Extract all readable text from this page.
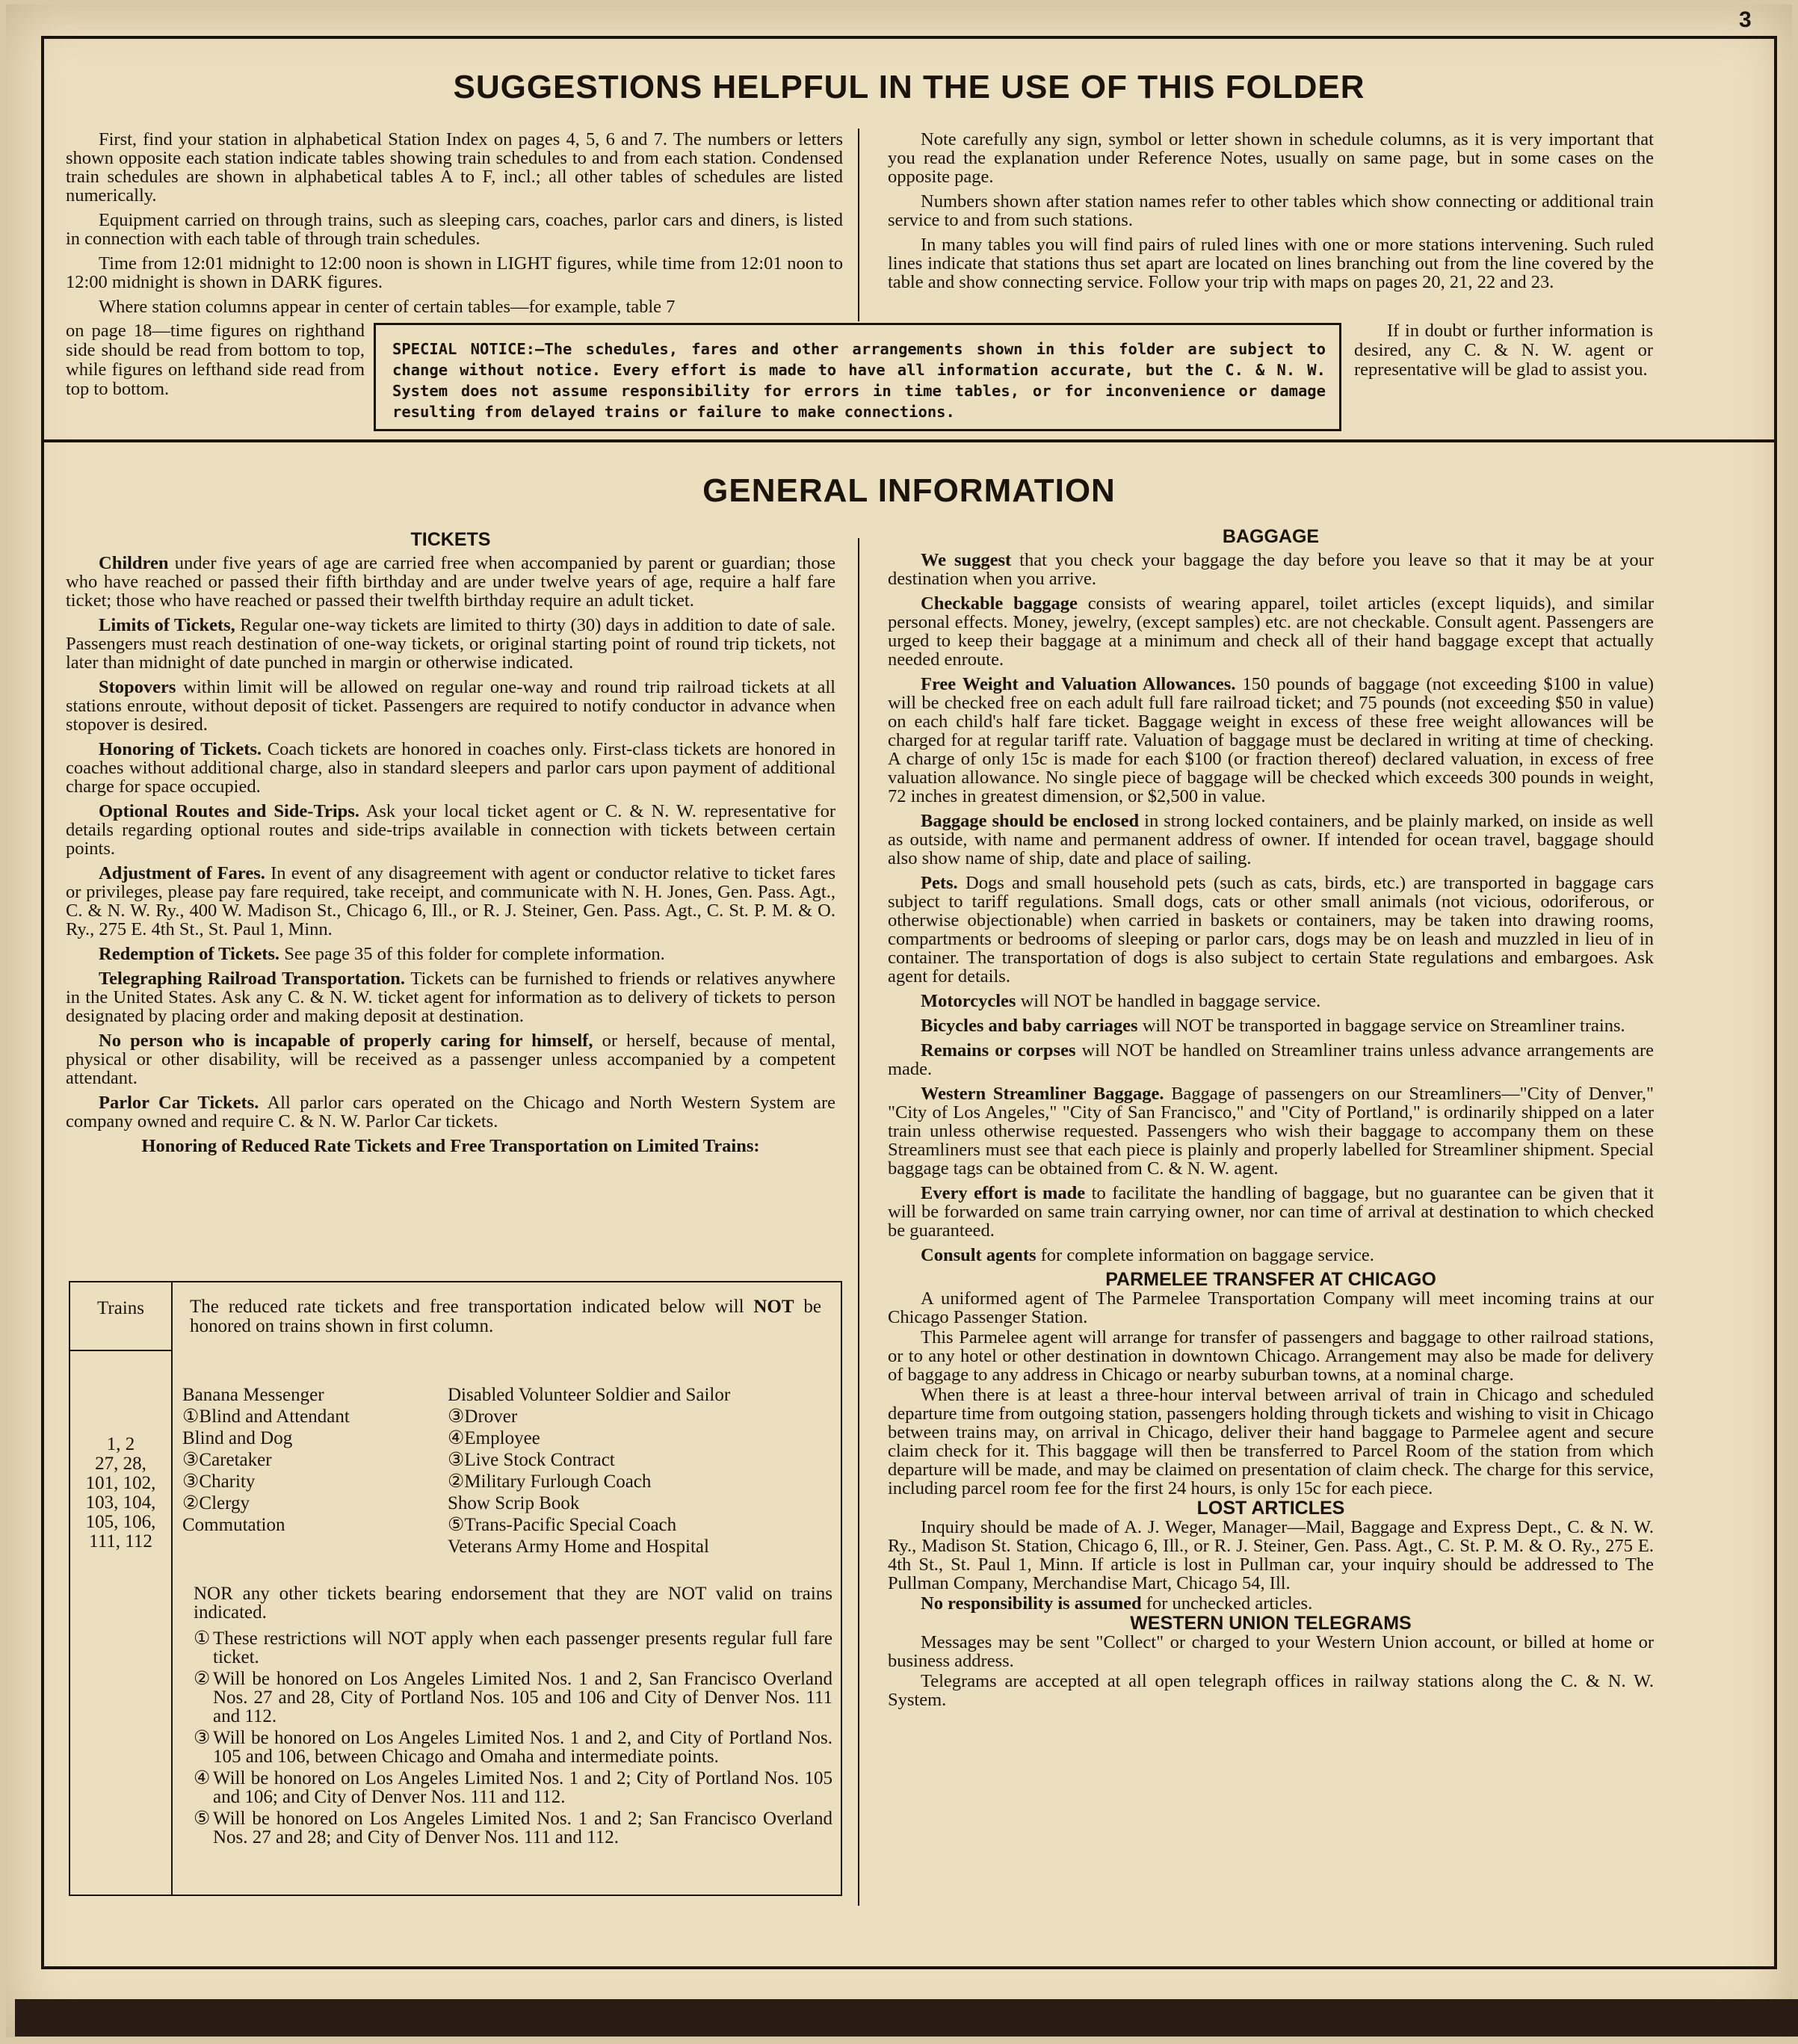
3
SUGGESTIONS HELPFUL IN THE USE OF THIS FOLDER

First, find your station in alphabetical Station Index on pages 4, 5, 6 and 7. The numbers or letters shown opposite each station indicate tables showing train schedules to and from each station. Condensed train schedules are shown in alphabetical tables A to F, incl.; all other tables of schedules are listed numerically.

Equipment carried on through trains, such as sleeping cars, coaches, parlor cars and diners, is listed in connection with each table of through train schedules.

Time from 12:01 midnight to 12:00 noon is shown in LIGHT figures, while time from 12:01 noon to 12:00 midnight is shown in DARK figures.

Where station columns appear in center of certain tables—for example, table 7

on page 18—time figures on righthand side should be read from bottom to top, while figures on lefthand side read from top to bottom.

Note carefully any sign, symbol or letter shown in schedule columns, as it is very important that you read the explanation under Reference Notes, usually on same page, but in some cases on the opposite page.

Numbers shown after station names refer to other tables which show connecting or additional train service to and from such stations.

In many tables you will find pairs of ruled lines with one or more stations intervening. Such ruled lines indicate that stations thus set apart are located on lines branching out from the line covered by the table and show connecting service. Follow your trip with maps on pages 20, 21, 22 and 23.

If in doubt or further information is desired, any C. & N. W. agent or representative will be glad to assist you.
SPECIAL NOTICE:—The schedules, fares and other arrangements shown in this folder are subject to change without notice. Every effort is made to have all information accurate, but the C. & N. W. System does not assume responsibility for errors in time tables, or for inconvenience or damage resulting from delayed trains or failure to make connections.
GENERAL INFORMATION
TICKETS

Children under five years of age are carried free when accompanied by parent or guardian; those who have reached or passed their fifth birthday and are under twelve years of age, require a half fare ticket; those who have reached or passed their twelfth birthday require an adult ticket.

Limits of Tickets, Regular one-way tickets are limited to thirty (30) days in addition to date of sale. Passengers must reach destination of one-way tickets, or original starting point of round trip tickets, not later than midnight of date punched in margin or otherwise indicated.

Stopovers within limit will be allowed on regular one-way and round trip railroad tickets at all stations enroute, without deposit of ticket. Passengers are required to notify conductor in advance when stopover is desired.

Honoring of Tickets. Coach tickets are honored in coaches only. First-class tickets are honored in coaches without additional charge, also in standard sleepers and parlor cars upon payment of additional charge for space occupied.

Optional Routes and Side-Trips. Ask your local ticket agent or C. & N. W. representative for details regarding optional routes and side-trips available in connection with tickets between certain points.

Adjustment of Fares. In event of any disagreement with agent or conductor relative to ticket fares or privileges, please pay fare required, take receipt, and communicate with N. H. Jones, Gen. Pass. Agt., C. & N. W. Ry., 400 W. Madison St., Chicago 6, Ill., or R. J. Steiner, Gen. Pass. Agt., C. St. P. M. & O. Ry., 275 E. 4th St., St. Paul 1, Minn.

Redemption of Tickets. See page 35 of this folder for complete information.

Telegraphing Railroad Transportation. Tickets can be furnished to friends or relatives anywhere in the United States. Ask any C. & N. W. ticket agent for information as to delivery of tickets to person designated by placing order and making deposit at destination.

No person who is incapable of properly caring for himself, or herself, because of mental, physical or other disability, will be received as a passenger unless accompanied by a competent attendant.

Parlor Car Tickets. All parlor cars operated on the Chicago and North Western System are company owned and require C. & N. W. Parlor Car tickets.

Honoring of Reduced Rate Tickets and Free Transportation on Limited Trains:

Trains	The reduced rate tickets and free transportation indicated below will NOT be honored on trains shown in first column.
1, 2
27, 28,
101, 102,
103, 104,
105, 106,
111, 112
Banana Messenger
①Blind and Attendant
Blind and Dog
③Caretaker
③Charity
②Clergy
Commutation
Disabled Volunteer Soldier and Sailor
③Drover
④Employee
③Live Stock Contract
②Military Furlough Coach
Show Scrip Book
⑤Trans-Pacific Special Coach
Veterans Army Home and Hospital

NOR any other tickets bearing endorsement that they are NOT valid on trains indicated.

① These restrictions will NOT apply when each passenger presents regular full fare ticket.

② Will be honored on Los Angeles Limited Nos. 1 and 2, San Francisco Overland Nos. 27 and 28, City of Portland Nos. 105 and 106 and City of Denver Nos. 111 and 112.

③ Will be honored on Los Angeles Limited Nos. 1 and 2, and City of Portland Nos. 105 and 106, between Chicago and Omaha and intermediate points.

④ Will be honored on Los Angeles Limited Nos. 1 and 2; City of Portland Nos. 105 and 106; and City of Denver Nos. 111 and 112.

⑤ Will be honored on Los Angeles Limited Nos. 1 and 2; San Francisco Overland Nos. 27 and 28; and City of Denver Nos. 111 and 112.

BAGGAGE

We suggest that you check your baggage the day before you leave so that it may be at your destination when you arrive.

Checkable baggage consists of wearing apparel, toilet articles (except liquids), and similar personal effects. Money, jewelry, (except samples) etc. are not checkable. Consult agent. Passengers are urged to keep their baggage at a minimum and check all of their hand baggage except that actually needed enroute.

Free Weight and Valuation Allowances. 150 pounds of baggage (not exceeding $100 in value) will be checked free on each adult full fare railroad ticket; and 75 pounds (not exceeding $50 in value) on each child's half fare ticket. Baggage weight in excess of these free weight allowances will be charged for at regular tariff rate. Valuation of baggage must be declared in writing at time of checking. A charge of only 15c is made for each $100 (or fraction thereof) declared valuation, in excess of free valuation allowance. No single piece of baggage will be checked which exceeds 300 pounds in weight, 72 inches in greatest dimension, or $2,500 in value.

Baggage should be enclosed in strong locked containers, and be plainly marked, on inside as well as outside, with name and permanent address of owner. If intended for ocean travel, baggage should also show name of ship, date and place of sailing.

Pets. Dogs and small household pets (such as cats, birds, etc.) are transported in baggage cars subject to tariff regulations. Small dogs, cats or other small animals (not vicious, odoriferous, or otherwise objectionable) when carried in baskets or containers, may be taken into drawing rooms, compartments or bedrooms of sleeping or parlor cars, dogs may be on leash and muzzled in lieu of in container. The transportation of dogs is also subject to certain State regulations and embargoes. Ask agent for details.

Motorcycles will NOT be handled in baggage service.

Bicycles and baby carriages will NOT be transported in baggage service on Streamliner trains.

Remains or corpses will NOT be handled on Streamliner trains unless advance arrangements are made.

Western Streamliner Baggage. Baggage of passengers on our Streamliners—"City of Denver," "City of Los Angeles," "City of San Francisco," and "City of Portland," is ordinarily shipped on a later train unless otherwise requested. Passengers who wish their baggage to accompany them on these Streamliners must see that each piece is plainly and properly labelled for Streamliner shipment. Special baggage tags can be obtained from C. & N. W. agent.

Every effort is made to facilitate the handling of baggage, but no guarantee can be given that it will be forwarded on same train carrying owner, nor can time of arrival at destination to which checked be guaranteed.

Consult agents for complete information on baggage service.

PARMELEE TRANSFER AT CHICAGO

A uniformed agent of The Parmelee Transportation Company will meet incoming trains at our Chicago Passenger Station.

This Parmelee agent will arrange for transfer of passengers and baggage to other railroad stations, or to any hotel or other destination in downtown Chicago. Arrangement may also be made for delivery of baggage to any address in Chicago or nearby suburban towns, at a nominal charge.

When there is at least a three-hour interval between arrival of train in Chicago and scheduled departure time from outgoing station, passengers holding through tickets and wishing to visit in Chicago between trains may, on arrival in Chicago, deliver their hand baggage to Parmelee agent and secure claim check for it. This baggage will then be transferred to Parcel Room of the station from which departure will be made, and may be claimed on presentation of claim check. The charge for this service, including parcel room fee for the first 24 hours, is only 15c for each piece.

LOST ARTICLES

Inquiry should be made of A. J. Weger, Manager—Mail, Baggage and Express Dept., C. & N. W. Ry., Madison St. Station, Chicago 6, Ill., or R. J. Steiner, Gen. Pass. Agt., C. St. P. M. & O. Ry., 275 E. 4th St., St. Paul 1, Minn. If article is lost in Pullman car, your inquiry should be addressed to The Pullman Company, Merchandise Mart, Chicago 54, Ill.

No responsibility is assumed for unchecked articles.

WESTERN UNION TELEGRAMS

Messages may be sent "Collect" or charged to your Western Union account, or billed at home or business address.

Telegrams are accepted at all open telegraph offices in railway stations along the C. & N. W. System.
